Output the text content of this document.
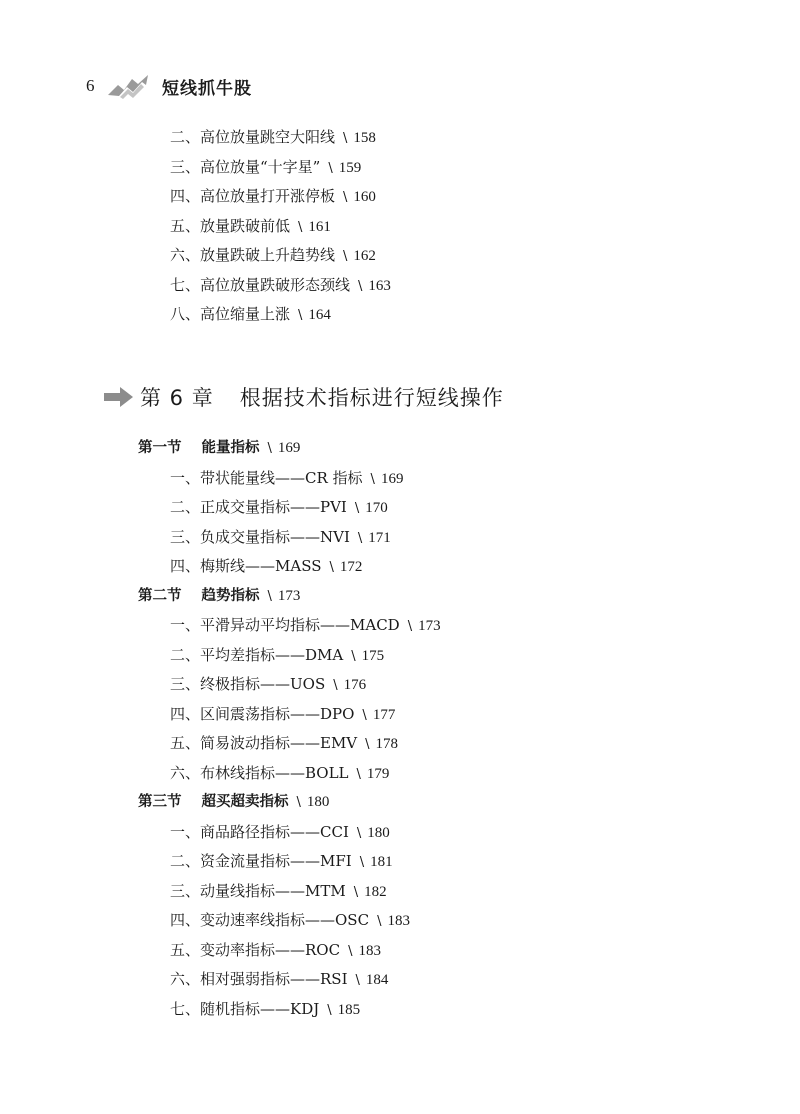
6	短线抓牛股
二、高位放量跳空大阳线 \ 158
三、高位放量“十字星” \ 159
四、高位放量打开涨停板 \ 160
五、放量跌破前低 \ 161
六、放量跌破上升趋势线 \ 162
七、高位放量跌破形态颈线 \ 163
八、高位缩量上涨 \ 164
第 6 章 根据技术指标进行短线操作
第一节 能量指标 \ 169
一、带状能量线——CR 指标 \ 169
二、正成交量指标——PVI \ 170
三、负成交量指标——NVI \ 171
四、梅斯线——MASS \ 172
第二节 趋势指标 \ 173
一、平滑异动平均指标——MACD \ 173
二、平均差指标——DMA \ 175
三、终极指标——UOS \ 176
四、区间震荡指标——DPO \ 177
五、简易波动指标——EMV \ 178
六、布林线指标——BOLL \ 179
第三节 超买超卖指标 \ 180
一、商品路径指标——CCI \ 180
二、资金流量指标——MFI \ 181
三、动量线指标——MTM \ 182
四、变动速率线指标——OSC \ 183
五、变动率指标——ROC \ 183
六、相对强弱指标——RSI \ 184
七、随机指标——KDJ \ 185
